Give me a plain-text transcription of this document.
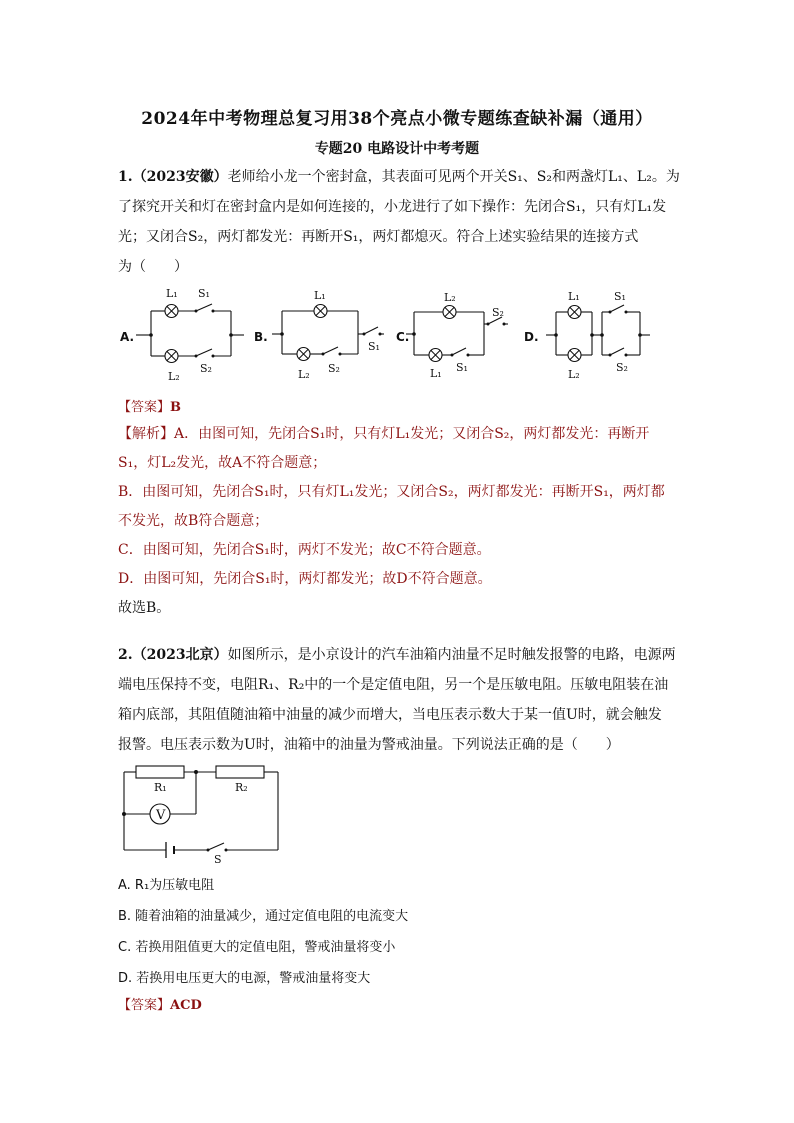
2024年中考物理总复习用38个亮点小微专题练查缺补漏（通用）
专题20 电路设计中考考题
1.（2023安徽）老师给小龙一个密封盒，其表面可见两个开关S₁、S₂和两盏灯L₁、L₂。为
了探究开关和灯在密封盒内是如何连接的，小龙进行了如下操作：先闭合S₁，只有灯L₁发
光；又闭合S₂，两灯都发光：再断开S₁，两灯都熄灭。符合上述实验结果的连接方式
为（　　）
A.	B.	C.	D.
L₁ S₁
L₂
S₂
L₁
L₂ S₂
S₁
L₂
S₂
L₁ S₁
L₁	S₁
L₂
S₂
【答案】B
【解析】A．由图可知，先闭合S₁时，只有灯L₁发光；又闭合S₂，两灯都发光：再断开
S₁，灯L₂发光，故A不符合题意；
B．由图可知，先闭合S₁时，只有灯L₁发光；又闭合S₂，两灯都发光：再断开S₁，两灯都
不发光，故B符合题意；
C．由图可知，先闭合S₁时，两灯不发光；故C不符合题意。
D．由图可知，先闭合S₁时，两灯都发光；故D不符合题意。
故选B。
2.（2023北京）如图所示，是小京设计的汽车油箱内油量不足时触发报警的电路，电源两
端电压保持不变，电阻R₁、R₂中的一个是定值电阻，另一个是压敏电阻。压敏电阻装在油
箱内底部，其阻值随油箱中油量的减少而增大，当电压表示数大于某一值U时，就会触发
报警。电压表示数为U时，油箱中的油量为警戒油量。下列说法正确的是（　　）
V
R₁	R₂
S
A. R₁为压敏电阻
B. 随着油箱的油量减少，通过定值电阻的电流变大
C. 若换用阻值更大的定值电阻，警戒油量将变小
D. 若换用电压更大的电源，警戒油量将变大
【答案】ACD
